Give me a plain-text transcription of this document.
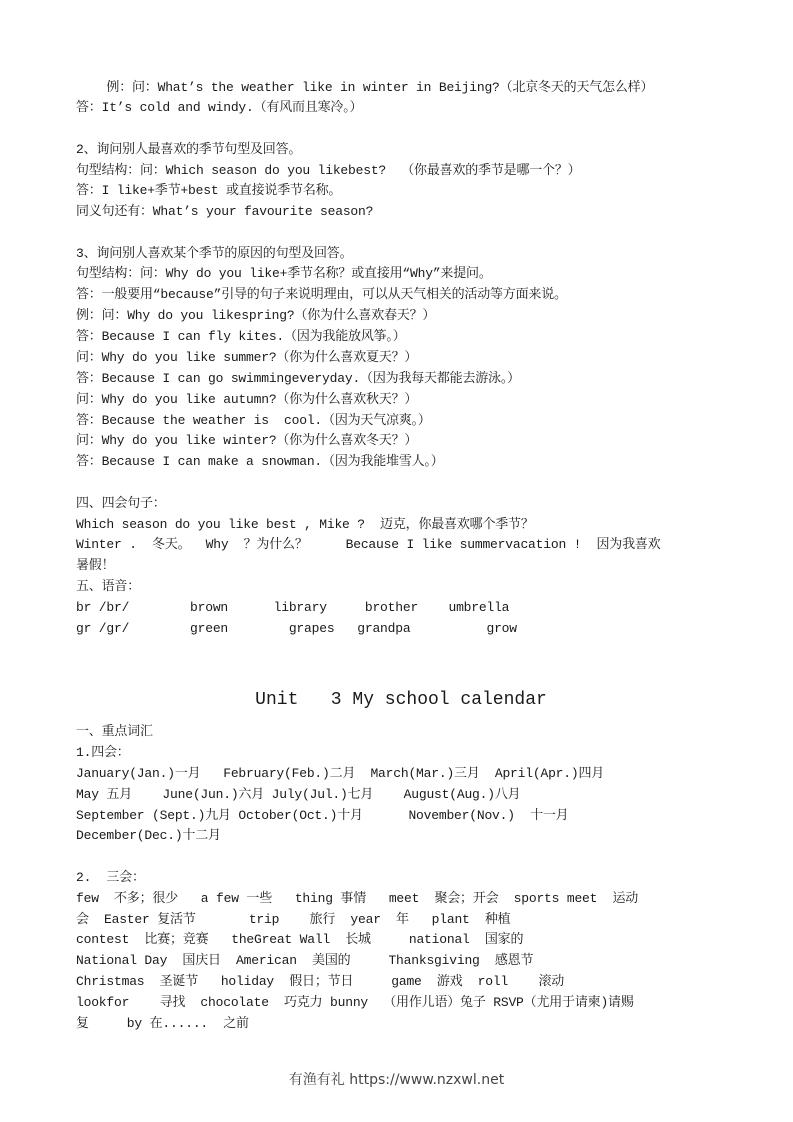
例：问：What’s the weather like in winter in Beijing?（北京冬天的天气怎么样）
答：It’s cold and windy.（有风而且寒冷。）
2、询问别人最喜欢的季节句型及回答。
句型结构：问：Which season do you likebest?  （你最喜欢的季节是哪一个？）
答：I like+季节+best 或直接说季节名称。
同义句还有：What’s your favourite season?
3、询问别人喜欢某个季节的原因的句型及回答。
句型结构：问：Why do you like+季节名称？或直接用“Why”来提问。
答：一般要用“because”引导的句子来说明理由，可以从天气相关的活动等方面来说。
例：问：Why do you likespring?（你为什么喜欢春天？）
答：Because I can fly kites.（因为我能放风筝。）
问：Why do you like summer?（你为什么喜欢夏天？）
答：Because I can go swimmingeveryday.（因为我每天都能去游泳。）
问：Why do you like autumn?（你为什么喜欢秋天？）
答：Because the weather is  cool.（因为天气凉爽。）
问：Why do you like winter?（你为什么喜欢冬天？）
答：Because I can make a snowman.（因为我能堆雪人。）
四、四会句子：
Which season do you like best , Mike ?  迈克，你最喜欢哪个季节？
Winter .  冬天。  Why  ？为什么？     Because I like summervacation !  因为我喜欢
暑假！
五、语音：
br /br/        brown      library     brother    umbrella
gr /gr/        green        grapes   grandpa          grow
Unit   3 My school calendar
一、重点词汇
1.四会：
January(Jan.)一月   February(Feb.)二月  March(Mar.)三月  April(Apr.)四月
May 五月    June(Jun.)六月 July(Jul.)七月    August(Aug.)八月
September (Sept.)九月 October(Oct.)十月      November(Nov.)  十一月
December(Dec.)十二月
2.  三会：
few  不多；很少   a few 一些   thing 事情   meet  聚会；开会  sports meet  运动
会  Easter 复活节       trip    旅行  year  年   plant  种植
contest  比赛；竞赛   theGreat Wall  长城     national  国家的
National Day  国庆日  American  美国的     Thanksgiving  感恩节
Christmas  圣诞节   holiday  假日；节日     game  游戏  roll    滚动
lookfor    寻找  chocolate  巧克力 bunny  （用作儿语）兔子 RSVP（尤用于请柬)请赐
复     by 在......  之前
有渔有礼 https://www.nzxwl.net
